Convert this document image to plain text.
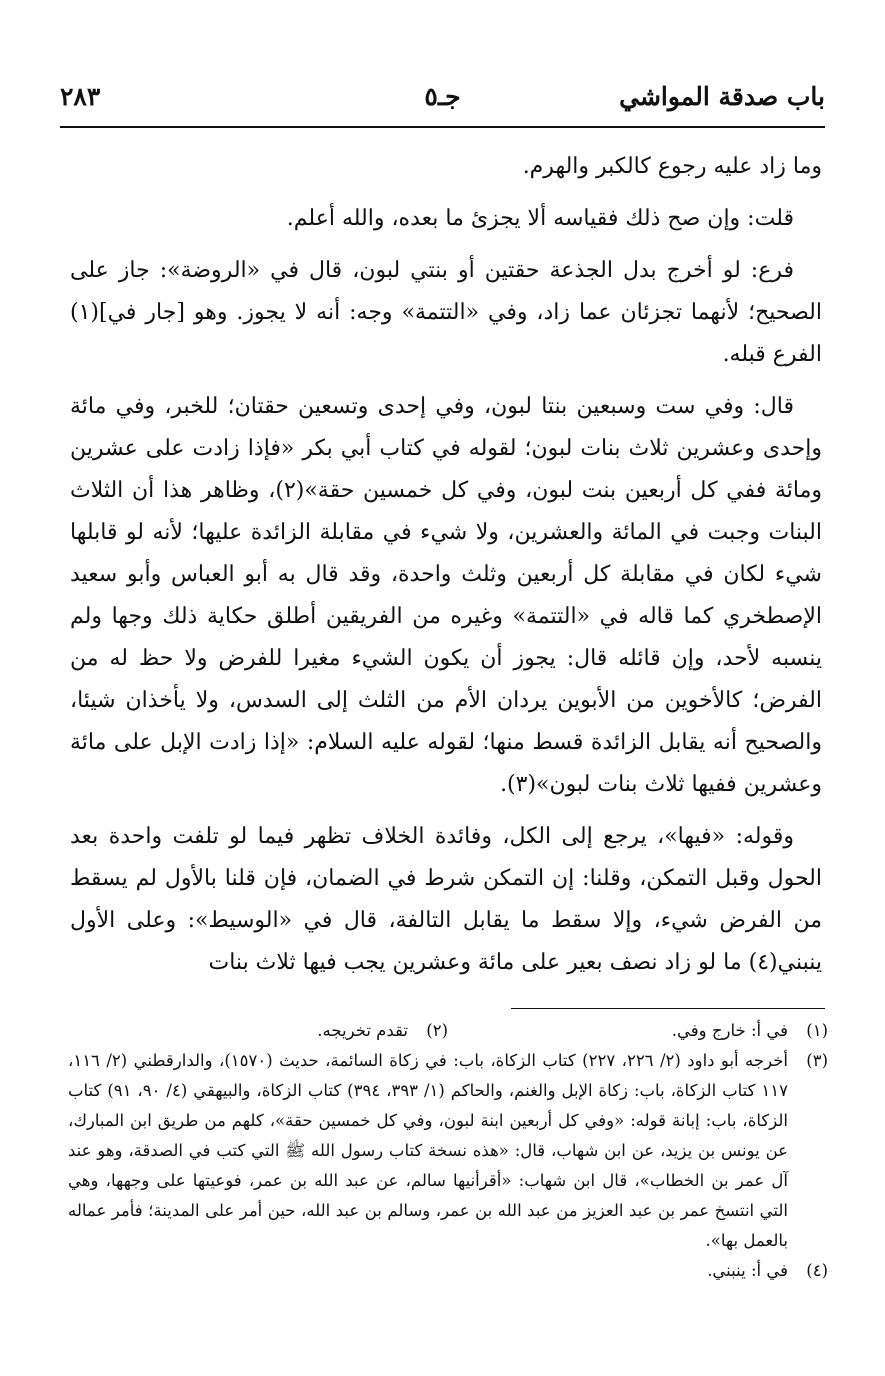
باب صدقة المواشي
جـ٥
٢٨٣

وما زاد عليه رجوع كالكبر والهرم.

قلت: وإن صح ذلك فقياسه ألا يجزئ ما بعده، والله أعلم.

فرع: لو أخرج بدل الجذعة حقتين أو بنتي لبون، قال في «الروضة»: جاز على الصحيح؛ لأنهما تجزئان عما زاد، وفي «التتمة» وجه: أنه لا يجوز. وهو [جار في](١) الفرع قبله.

قال: وفي ست وسبعين بنتا لبون، وفي إحدى وتسعين حقتان؛ للخبر، وفي مائة وإحدى وعشرين ثلاث بنات لبون؛ لقوله في كتاب أبي بكر «فإذا زادت على عشرين ومائة ففي كل أربعين بنت لبون، وفي كل خمسين حقة»(٢)، وظاهر هذا أن الثلاث البنات وجبت في المائة والعشرين، ولا شيء في مقابلة الزائدة عليها؛ لأنه لو قابلها شيء لكان في مقابلة كل أربعين وثلث واحدة، وقد قال به أبو العباس وأبو سعيد الإصطخري كما قاله في «التتمة» وغيره من الفريقين أطلق حكاية ذلك وجها ولم ينسبه لأحد، وإن قائله قال: يجوز أن يكون الشيء مغيرا للفرض ولا حظ له من الفرض؛ كالأخوين من الأبوين يردان الأم من الثلث إلى السدس، ولا يأخذان شيئا، والصحيح أنه يقابل الزائدة قسط منها؛ لقوله عليه السلام: «إذا زادت الإبل على مائة وعشرين ففيها ثلاث بنات لبون»(٣).

وقوله: «فيها»، يرجع إلى الكل، وفائدة الخلاف تظهر فيما لو تلفت واحدة بعد الحول وقبل التمكن، وقلنا: إن التمكن شرط في الضمان، فإن قلنا بالأول لم يسقط من الفرض شيء، وإلا سقط ما يقابل التالفة، قال في «الوسيط»: وعلى الأول ينبني(٤) ما لو زاد نصف بعير على مائة وعشرين يجب فيها ثلاث بنات

(١)
في أ: خارج وفي.
(٢)
تقدم تخريجه.
(٣)
أخرجه أبو داود (٢/ ٢٢٦، ٢٢٧) كتاب الزكاة، باب: في زكاة السائمة، حديث (١٥٧٠)، والدارقطني (٢/ ١١٦، ١١٧ كتاب الزكاة، باب: زكاة الإبل والغنم، والحاكم (١/ ٣٩٣، ٣٩٤) كتاب الزكاة، والبيهقي (٤/ ٩٠، ٩١) كتاب الزكاة، باب: إبانة قوله: «وفي كل أربعين ابنة لبون، وفي كل خمسين حقة»، كلهم من طريق ابن المبارك، عن يونس بن يزيد، عن ابن شهاب، قال: «هذه نسخة كتاب رسول الله ﷺ التي كتب في الصدقة، وهو عند آل عمر بن الخطاب»، قال ابن شهاب: «أقرأنيها سالم، عن عبد الله بن عمر، فوعيتها على وجهها، وهي التي انتسخ عمر بن عبد العزيز من عبد الله بن عمر، وسالم بن عبد الله، حين أمر على المدينة؛ فأمر عماله بالعمل بها».
(٤)
في أ: ينبني.
